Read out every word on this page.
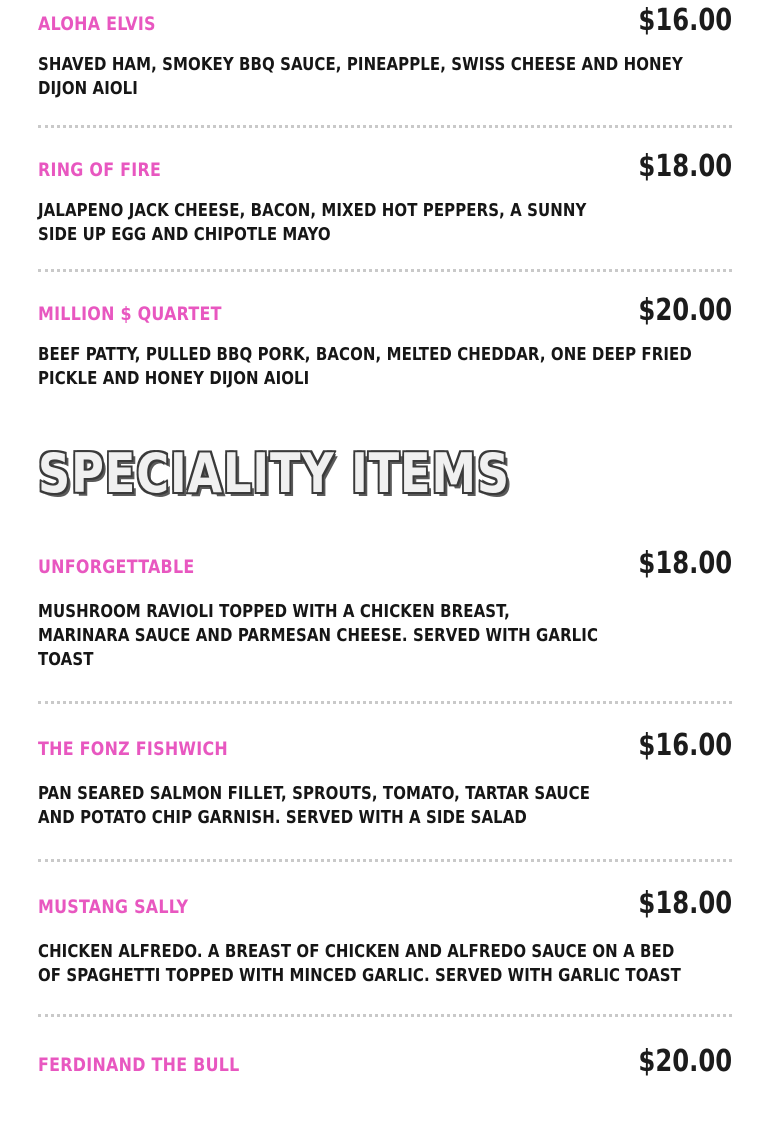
ALOHA ELVIS	$16.00
SHAVED HAM, SMOKEY BBQ SAUCE, PINEAPPLE, SWISS CHEESE AND HONEY DIJON AIOLI
RING OF FIRE	$18.00
JALAPENO JACK CHEESE, BACON, MIXED HOT PEPPERS, A SUNNY SIDE UP EGG AND CHIPOTLE MAYO
MILLION $ QUARTET	$20.00
BEEF PATTY, PULLED BBQ PORK, BACON, MELTED CHEDDAR, ONE DEEP FRIED PICKLE AND HONEY DIJON AIOLI
SPECIALITY ITEMS
UNFORGETTABLE	$18.00
MUSHROOM RAVIOLI TOPPED WITH A CHICKEN BREAST, MARINARA SAUCE AND PARMESAN CHEESE. SERVED WITH GARLIC TOAST
THE FONZ FISHWICH	$16.00
PAN SEARED SALMON FILLET, SPROUTS, TOMATO, TARTAR SAUCE AND POTATO CHIP GARNISH. SERVED WITH A SIDE SALAD
MUSTANG SALLY	$18.00
CHICKEN ALFREDO. A BREAST OF CHICKEN AND ALFREDO SAUCE ON A BED OF SPAGHETTI TOPPED WITH MINCED GARLIC. SERVED WITH GARLIC TOAST
FERDINAND THE BULL	$20.00
